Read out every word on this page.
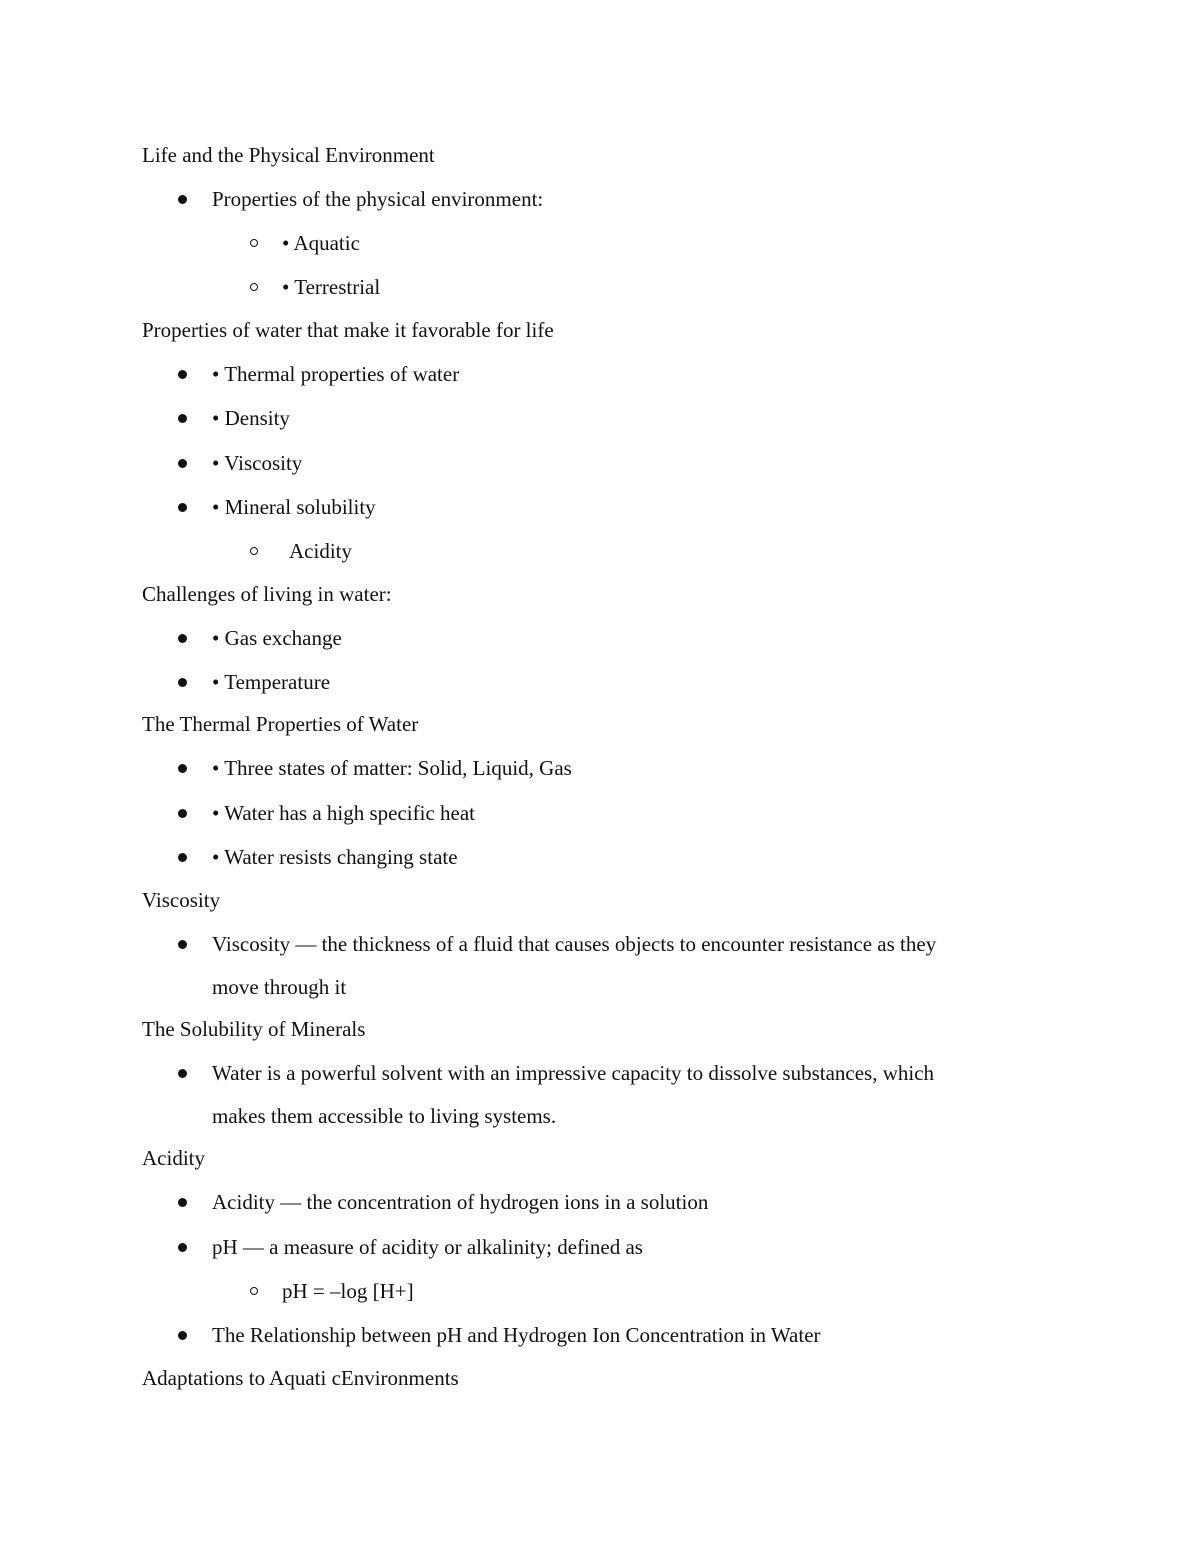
Life and the Physical Environment
Properties of the physical environment:
• Aquatic
• Terrestrial
Properties of water that make it favorable for life
• Thermal properties of water
• Density
• Viscosity
• Mineral solubility
Acidity
Challenges of living in water:
• Gas exchange
• Temperature
The Thermal Properties of Water
• Three states of matter: Solid, Liquid, Gas
• Water has a high specific heat
• Water resists changing state
Viscosity
Viscosity — the thickness of a fluid that causes objects to encounter resistance as they
move through it
The Solubility of Minerals
Water is a powerful solvent with an impressive capacity to dissolve substances, which
makes them accessible to living systems.
Acidity
Acidity — the concentration of hydrogen ions in a solution
pH — a measure of acidity or alkalinity; defined as
pH = –log [H+]
The Relationship between pH and Hydrogen Ion Concentration in Water
Adaptations to Aquati cEnvironments
